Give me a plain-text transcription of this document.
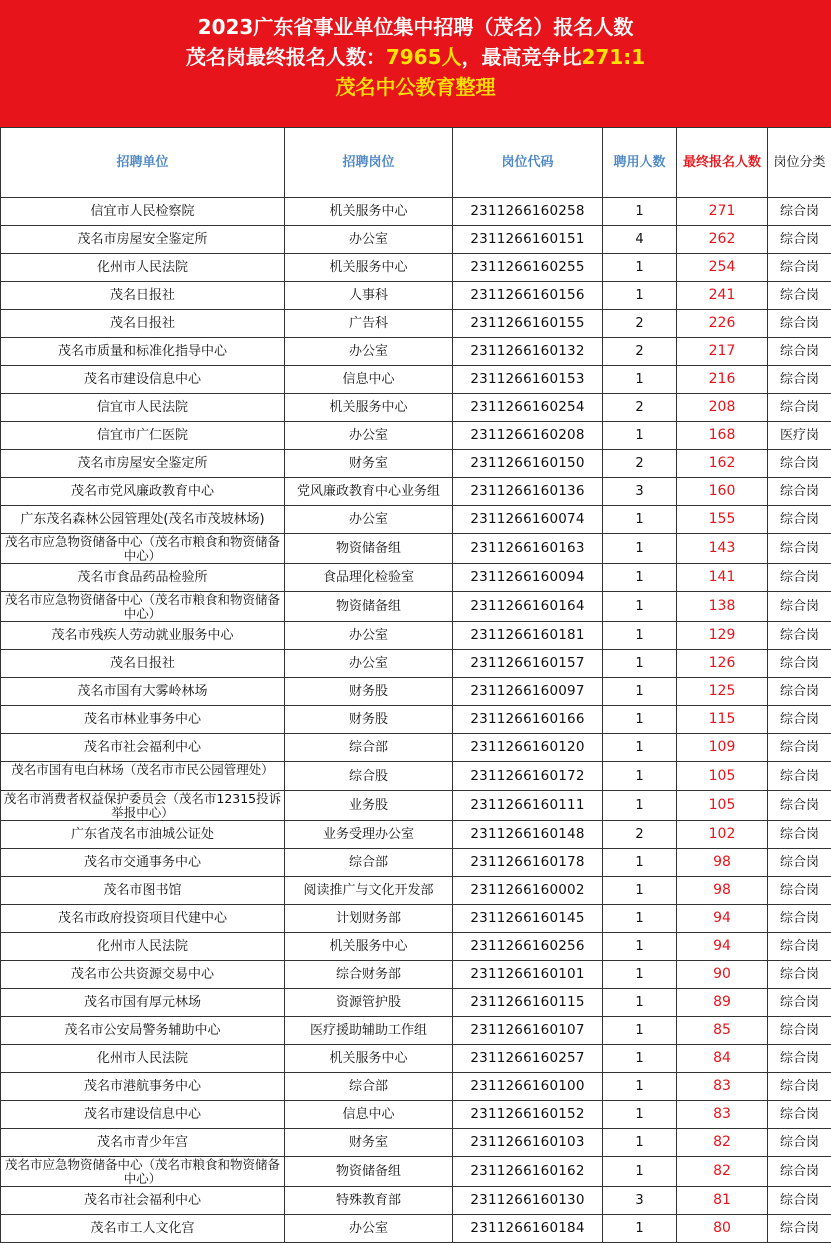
2023广东省事业单位集中招聘（茂名）报名人数
茂名岗最终报名人数：7965人，最高竞争比271:1
茂名中公教育整理
招聘单位	招聘岗位	岗位代码	聘用人数	最终报名人数	岗位分类
信宜市人民检察院	机关服务中心	2311266160258	1	271	综合岗
茂名市房屋安全鉴定所	办公室	2311266160151	4	262	综合岗
化州市人民法院	机关服务中心	2311266160255	1	254	综合岗
茂名日报社	人事科	2311266160156	1	241	综合岗
茂名日报社	广告科	2311266160155	2	226	综合岗
茂名市质量和标准化指导中心	办公室	2311266160132	2	217	综合岗
茂名市建设信息中心	信息中心	2311266160153	1	216	综合岗
信宜市人民法院	机关服务中心	2311266160254	2	208	综合岗
信宜市广仁医院	办公室	2311266160208	1	168	医疗岗
茂名市房屋安全鉴定所	财务室	2311266160150	2	162	综合岗
茂名市党风廉政教育中心	党风廉政教育中心业务组	2311266160136	3	160	综合岗
广东茂名森林公园管理处(茂名市茂坡林场)	办公室	2311266160074	1	155	综合岗
茂名市应急物资储备中心（茂名市粮食和物资储备中心）	物资储备组	2311266160163	1	143	综合岗
茂名市食品药品检验所	食品理化检验室	2311266160094	1	141	综合岗
茂名市应急物资储备中心（茂名市粮食和物资储备中心）	物资储备组	2311266160164	1	138	综合岗
茂名市残疾人劳动就业服务中心	办公室	2311266160181	1	129	综合岗
茂名日报社	办公室	2311266160157	1	126	综合岗
茂名市国有大雾岭林场	财务股	2311266160097	1	125	综合岗
茂名市林业事务中心	财务股	2311266160166	1	115	综合岗
茂名市社会福利中心	综合部	2311266160120	1	109	综合岗
茂名市国有电白林场（茂名市市民公园管理处）	综合股	2311266160172	1	105	综合岗
茂名市消费者权益保护委员会（茂名市12315投诉举报中心）	业务股	2311266160111	1	105	综合岗
广东省茂名市油城公证处	业务受理办公室	2311266160148	2	102	综合岗
茂名市交通事务中心	综合部	2311266160178	1	98	综合岗
茂名市图书馆	阅读推广与文化开发部	2311266160002	1	98	综合岗
茂名市政府投资项目代建中心	计划财务部	2311266160145	1	94	综合岗
化州市人民法院	机关服务中心	2311266160256	1	94	综合岗
茂名市公共资源交易中心	综合财务部	2311266160101	1	90	综合岗
茂名市国有厚元林场	资源管护股	2311266160115	1	89	综合岗
茂名市公安局警务辅助中心	医疗援助辅助工作组	2311266160107	1	85	综合岗
化州市人民法院	机关服务中心	2311266160257	1	84	综合岗
茂名市港航事务中心	综合部	2311266160100	1	83	综合岗
茂名市建设信息中心	信息中心	2311266160152	1	83	综合岗
茂名市青少年宫	财务室	2311266160103	1	82	综合岗
茂名市应急物资储备中心（茂名市粮食和物资储备中心）	物资储备组	2311266160162	1	82	综合岗
茂名市社会福利中心	特殊教育部	2311266160130	3	81	综合岗
茂名市工人文化宫	办公室	2311266160184	1	80	综合岗
